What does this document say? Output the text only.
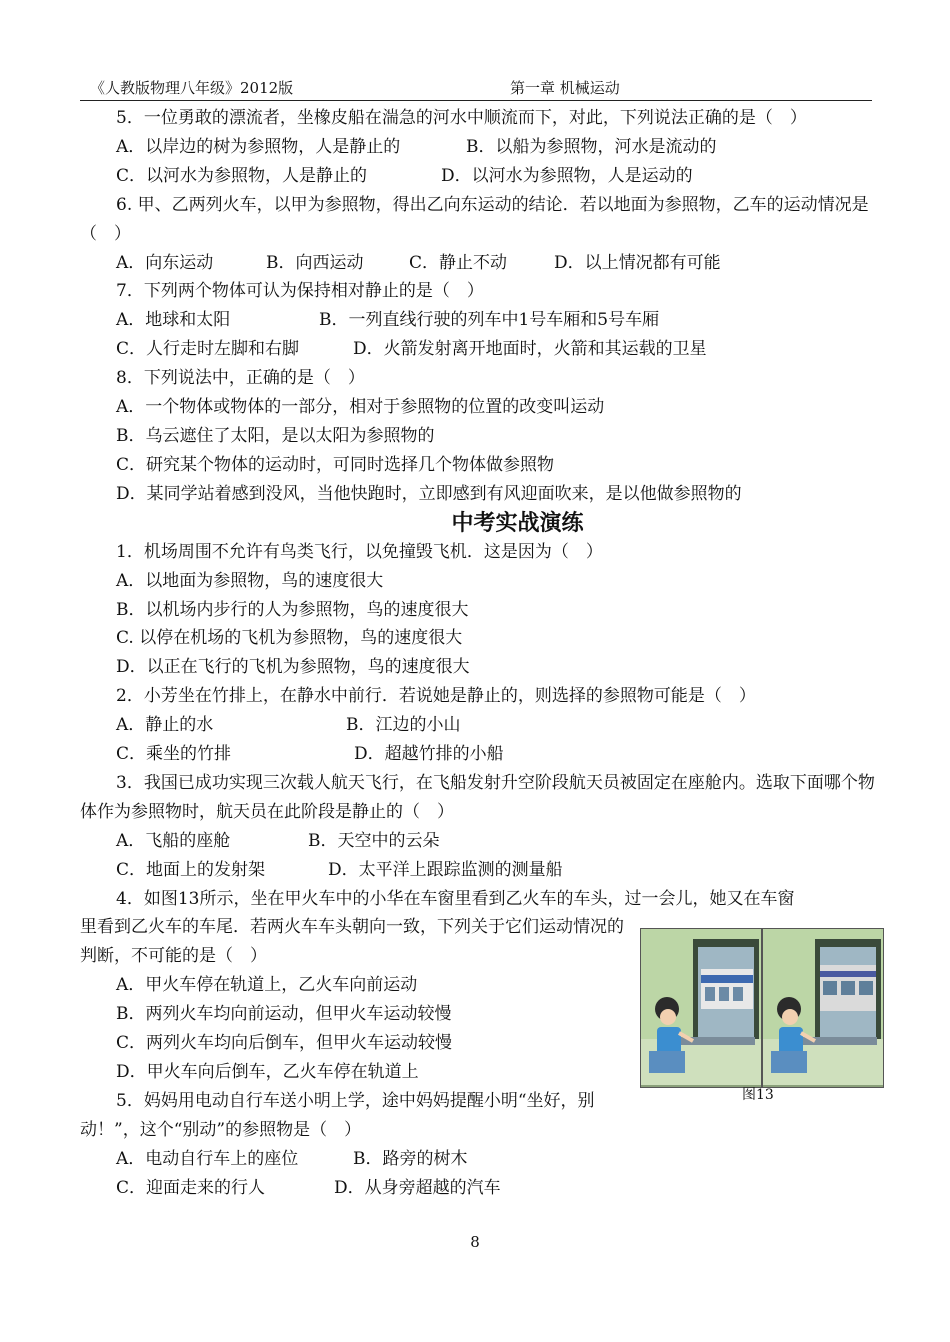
《人教版物理八年级》2012版	第一章 机械运动
5．一位勇敢的漂流者，坐橡皮船在湍急的河水中顺流而下，对此，下列说法正确的是（　）
A．以岸边的树为参照物，人是静止的	B．以船为参照物，河水是流动的
C．以河水为参照物，人是静止的	D．以河水为参照物，人是运动的
6. 甲、乙两列火车，以甲为参照物，得出乙向东运动的结论．若以地面为参照物，乙车的运动情况是（　）
A．向东运动	B．向西运动	C．静止不动	D．以上情况都有可能
7．下列两个物体可认为保持相对静止的是（　）
A．地球和太阳	B．一列直线行驶的列车中1号车厢和5号车厢
C．人行走时左脚和右脚	D．火箭发射离开地面时，火箭和其运载的卫星
8．下列说法中，正确的是（　）
A．一个物体或物体的一部分，相对于参照物的位置的改变叫运动
B．乌云遮住了太阳，是以太阳为参照物的
C．研究某个物体的运动时，可同时选择几个物体做参照物
D．某同学站着感到没风，当他快跑时，立即感到有风迎面吹来，是以他做参照物的
中考实战演练
1．机场周围不允许有鸟类飞行，以免撞毁飞机．这是因为（　）
A．以地面为参照物，鸟的速度很大
B．以机场内步行的人为参照物，鸟的速度很大
C. 以停在机场的飞机为参照物，鸟的速度很大
D．以正在飞行的飞机为参照物，鸟的速度很大
2．小芳坐在竹排上，在静水中前行．若说她是静止的，则选择的参照物可能是（　）
A．静止的水	B．江边的小山
C．乘坐的竹排	D．超越竹排的小船
3．我国已成功实现三次载人航天飞行，在飞船发射升空阶段航天员被固定在座舱内。选取下面哪个物体作为参照物时，航天员在此阶段是静止的（　）
A．飞船的座舱	B．天空中的云朵
C．地面上的发射架	D．太平洋上跟踪监测的测量船
4．如图13所示，坐在甲火车中的小华在车窗里看到乙火车的车头，过一会儿，她又在车窗
里看到乙火车的车尾．若两火车车头朝向一致，下列关于它们运动情况的判断，不可能的是（　）
A．甲火车停在轨道上，乙火车向前运动
B．两列火车均向前运动，但甲火车运动较慢
C．两列火车均向后倒车，但甲火车运动较慢
D．甲火车向后倒车，乙火车停在轨道上
5．妈妈用电动自行车送小明上学，途中妈妈提醒小明“坐好，别动！”，这个“别动”的参照物是（　）
A．电动自行车上的座位	B．路旁的树木
C．迎面走来的行人	D．从身旁超越的汽车
图13
8
